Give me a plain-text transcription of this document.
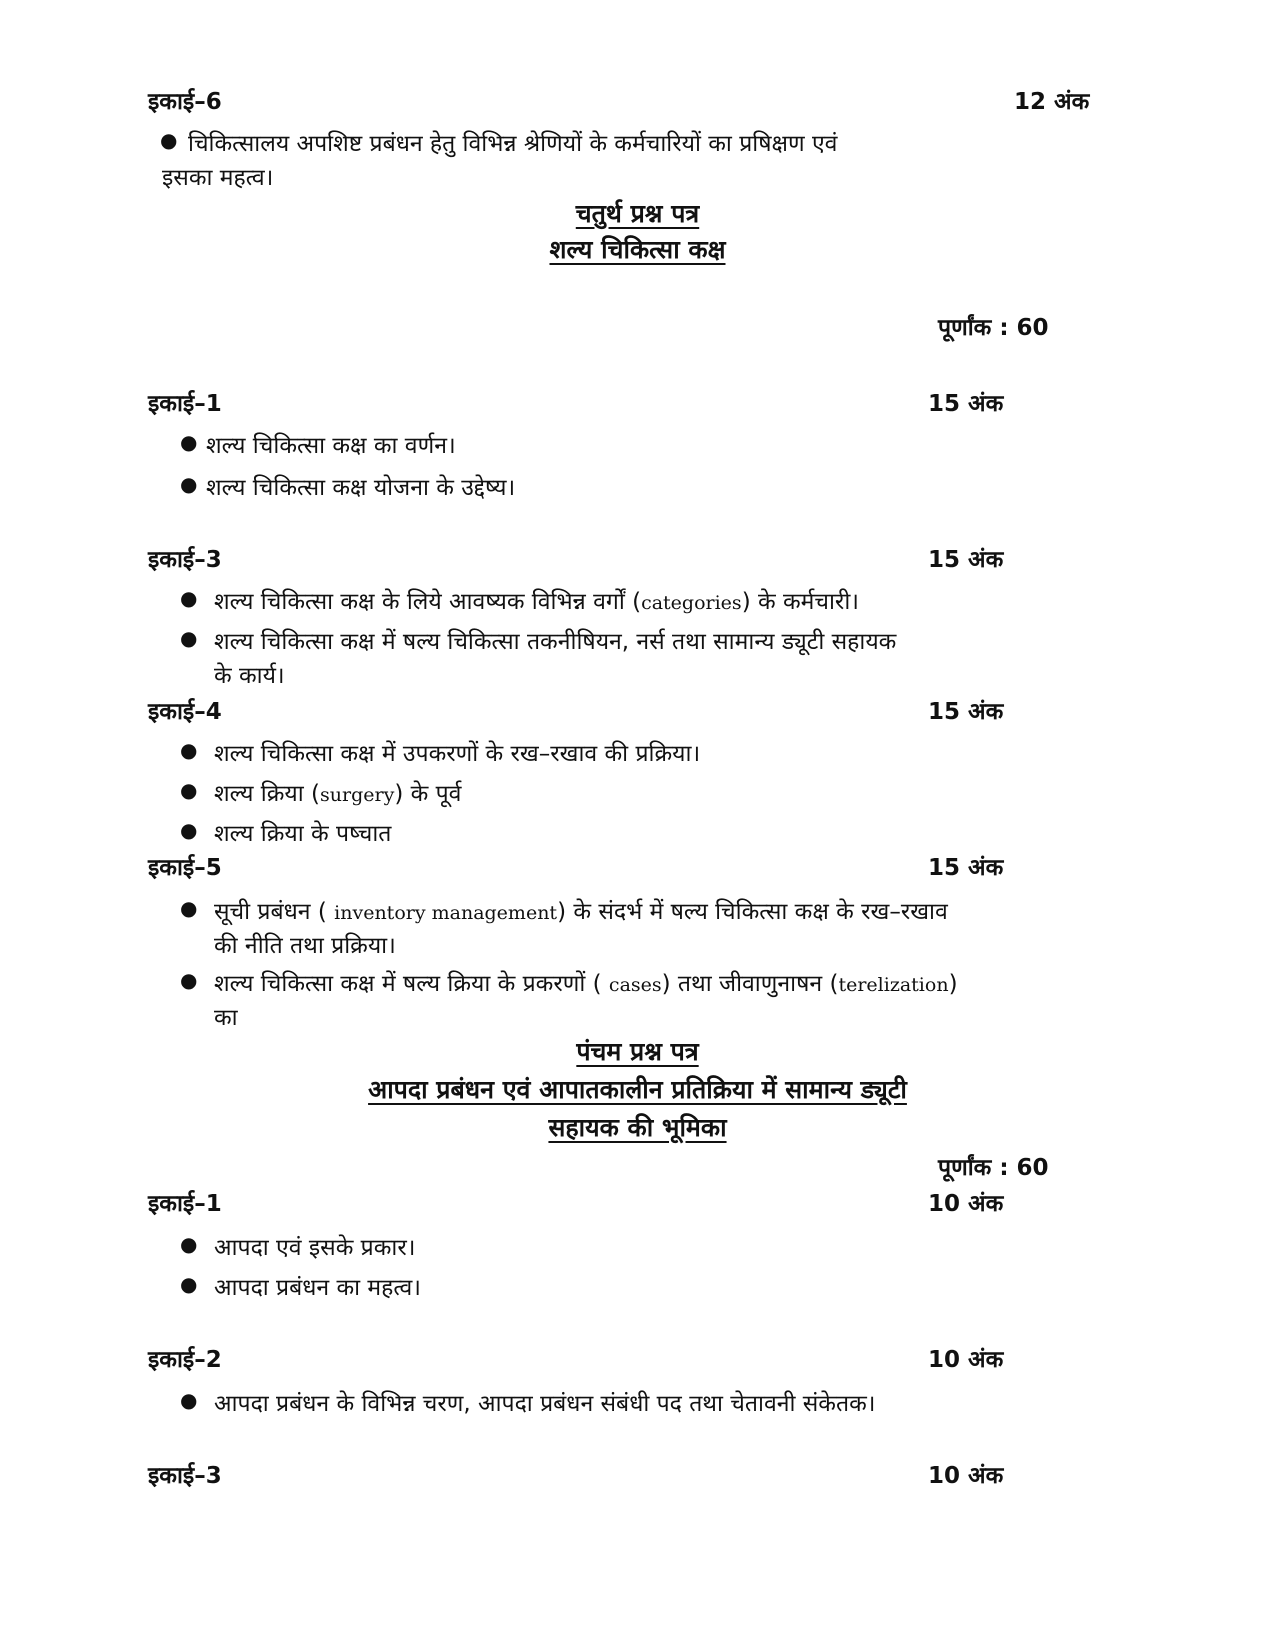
इकाई–6	12 अंक
● चिकित्सालय अपशिष्ट प्रबंधन हेतु विभिन्न श्रेणियों के कर्मचारियों का प्रषिक्षण एवं
इसका महत्व।
चतुर्थ प्रश्न पत्र
शल्य चिकित्सा कक्ष
पूर्णांक : 60
इकाई–1	15 अंक
● शल्य चिकित्सा कक्ष का वर्णन।
● शल्य चिकित्सा कक्ष योजना के उद्देष्य।
इकाई–3	15 अंक
● शल्य चिकित्सा कक्ष के लिये आवष्यक विभिन्न वर्गों (categories) के कर्मचारी।
● शल्य चिकित्सा कक्ष में षल्य चिकित्सा तकनीषियन, नर्स तथा सामान्य ड्यूटी सहायक
के कार्य।
इकाई–4	15 अंक
● शल्य चिकित्सा कक्ष में उपकरणों के रख–रखाव की प्रक्रिया।
● शल्य क्रिया (surgery) के पूर्व
● शल्य क्रिया के पष्चात
इकाई–5	15 अंक
● सूची प्रबंधन ( inventory management) के संदर्भ में षल्य चिकित्सा कक्ष के रख–रखाव
की नीति तथा प्रक्रिया।
● शल्य चिकित्सा कक्ष में षल्य क्रिया के प्रकरणों ( cases) तथा जीवाणुनाषन (terelization)
का
पंचम प्रश्न पत्र
आपदा प्रबंधन एवं आपातकालीन प्रतिक्रिया में सामान्य ड्यूटी
सहायक की भूमिका
पूर्णांक : 60
इकाई–1	10 अंक
● आपदा एवं इसके प्रकार।
● आपदा प्रबंधन का महत्व।
इकाई–2	10 अंक
● आपदा प्रबंधन के विभिन्न चरण, आपदा प्रबंधन संबंधी पद तथा चेतावनी संकेतक।
इकाई–3	10 अंक
